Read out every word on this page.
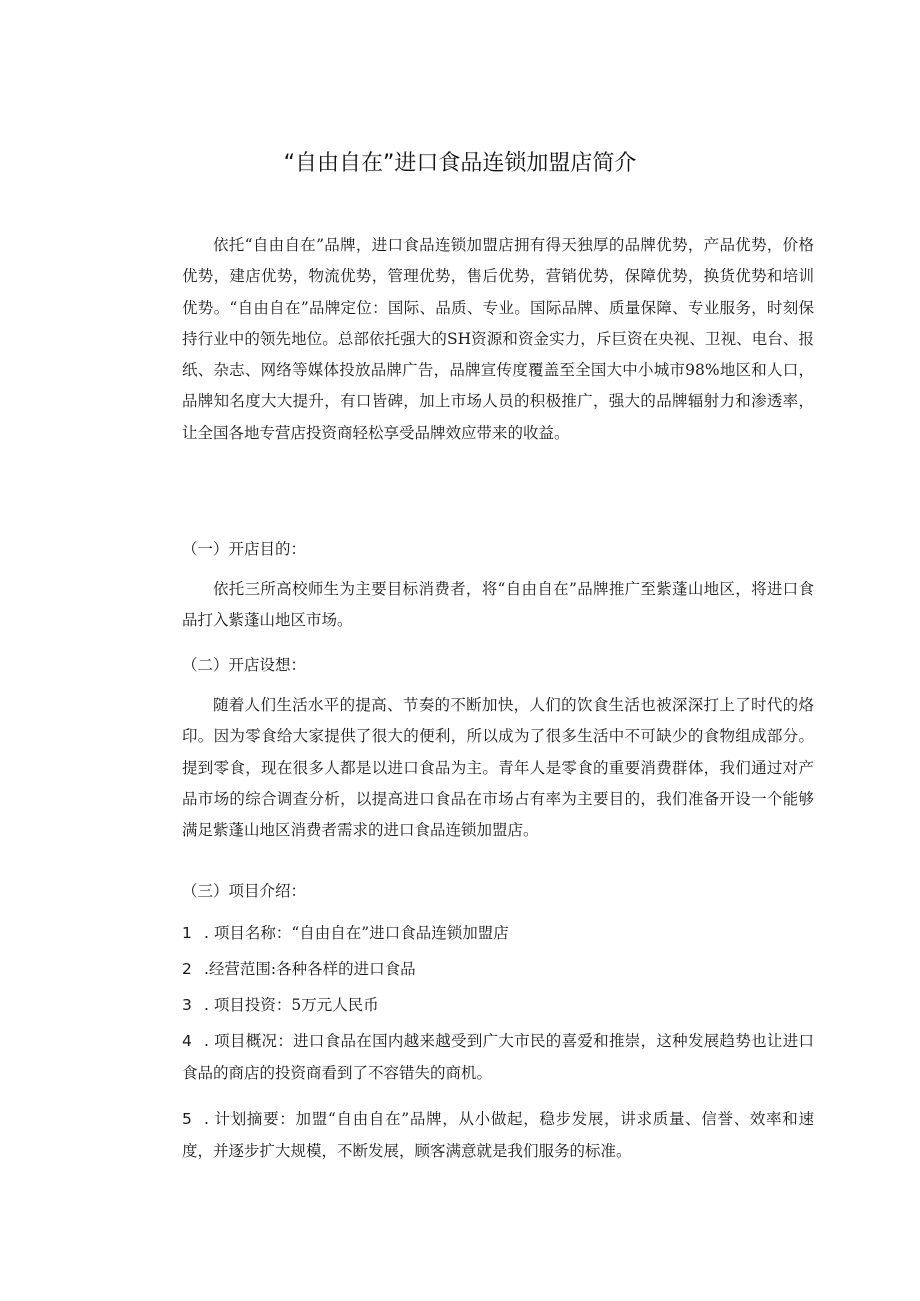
“自由自在”进口食品连锁加盟店简介

依托“自由自在”品牌，进口食品连锁加盟店拥有得天独厚的品牌优势，产品优势，价格优势，建店优势，物流优势，管理优势，售后优势，营销优势，保障优势，换货优势和培训优势。“自由自在”品牌定位：国际、品质、专业。国际品牌、质量保障、专业服务，时刻保持行业中的领先地位。总部依托强大的SH资源和资金实力，斥巨资在央视、卫视、电台、报纸、杂志、网络等媒体投放品牌广告，品牌宣传度覆盖至全国大中小城市98%地区和人口，品牌知名度大大提升，有口皆碑，加上市场人员的积极推广，强大的品牌辐射力和渗透率，让全国各地专营店投资商轻松享受品牌效应带来的收益。

（一）开店目的：

依托三所高校师生为主要目标消费者，将“自由自在”品牌推广至紫蓬山地区，将进口食品打入紫蓬山地区市场。

（二）开店设想：

随着人们生活水平的提高、节奏的不断加快，人们的饮食生活也被深深打上了时代的烙印。因为零食给大家提供了很大的便利，所以成为了很多生活中不可缺少的食物组成部分。提到零食，现在很多人都是以进口食品为主。青年人是零食的重要消费群体，我们通过对产品市场的综合调查分析，以提高进口食品在市场占有率为主要目的，我们准备开设一个能够满足紫蓬山地区消费者需求的进口食品连锁加盟店。

（三）项目介绍：

1 . 项目名称：“自由自在”进口食品连锁加盟店

2 .经营范围:各种各样的进口食品

3 . 项目投资：5万元人民币

4 . 项目概况：进口食品在国内越来越受到广大市民的喜爱和推崇，这种发展趋势也让进口食品的商店的投资商看到了不容错失的商机。

5 . 计划摘要：加盟“自由自在”品牌，从小做起，稳步发展，讲求质量、信誉、效率和速度，并逐步扩大规模，不断发展，顾客满意就是我们服务的标准。
